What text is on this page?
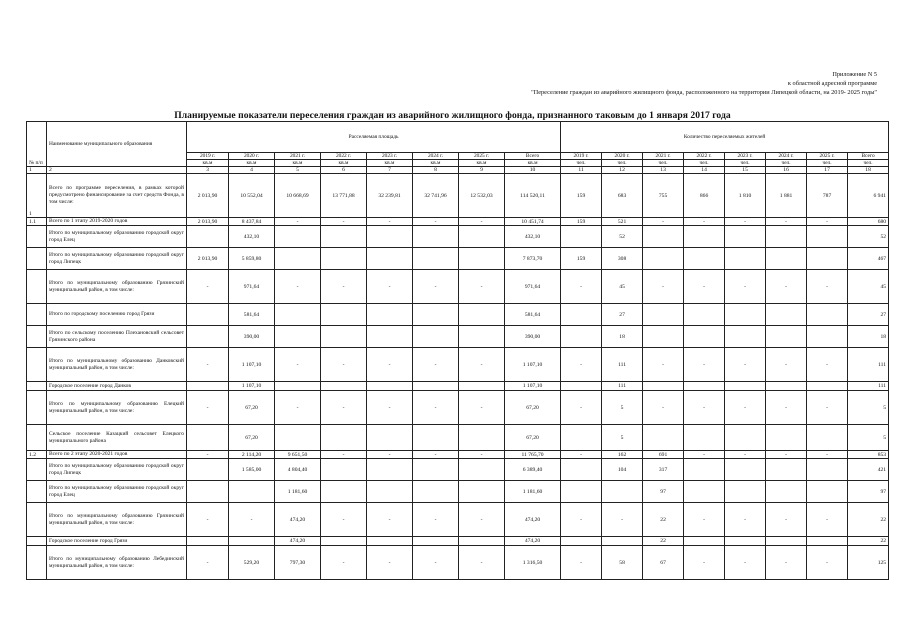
Приложение N 5
к областной адресной программе
"Переселение граждан из аварийного жилищного фонда, расположенного на территории Липецкой области, на 2019- 2025 годы"
Планируемые показатели переселения граждан из аварийного жилищного фонда, признанного таковым до 1 января 2017 года
№ п/п	Наименование муниципального образования	Расселяемая площадь								Количество переселяемых жителей							
		2019 г.	2020 г.	2021 г.	2022 г.	2023 г.	2024 г.	2025 г.	Всего	2019 г.	2020 г.	2021 г.	2022 г.	2023 г.	2024 г.	2025 г.	Всего
		кв.м	кв.м	кв.м	кв.м	кв.м	кв.м	кв.м	кв.м	чел.	чел.	чел.	чел.	чел.	чел.	чел.	чел.
1	2	3	4	5	6	7	8	9	10	11	12	13	14	15	16	17	18
1	Всего по программе переселения, в рамках которой предусмотрено финансирование за счет средств Фонда, в том числе:	2 013,90	10 552,04	10 668,69	13 771,88	32 239,81	32 741,96	12 532,03	114 520,11	159	683	755	866	1 810	1 881	787	6 941
1.1	Всего по 1 этапу 2019-2020 годов	2 013,90	8 437,84	-	-	-	-	-	10 451,74	159	521	-	-	-	-	-	680
	Итого по муниципальному образованию городской округ город Елец		432,10						432,10		52						52
	Итого по муниципальному образованию городской округ город Липецк	2 013,90	5 859,80						7 873,70	159	308						467
	Итого по муниципальному образованию Грязинский муниципальный район, в том числе:	-	971,64	-	-	-	-	-	971,64	-	45	-	-	-	-	-	45
	Итого по городскому поселению город Грязи		581,64						581,64		27						27
	Итого по сельскому поселению Плехановский сельсовет Грязинского района		390,00						390,00		18						18
	Итого по муниципальному образованию Данковский муниципальный район, в том числе:	-	1 107,10	-	-	-	-	-	1 107,10	-	111	-	-	-	-	-	111
	Городское поселение город Данков		1 107,10						1 107,10		111						111
	Итого по муниципальному образованию Елецкий муниципальный район, в том числе:	-	67,20	-	-	-	-	-	67,20	-	5	-	-	-	-	-	5
	Сельское поселение Казацкий сельсовет Елецкого муниципального района		67,20						67,20		5						5
1.2	Всего по 2 этапу 2020-2021 годов	-	2 114,20	9 651,50	-	-	-	-	11 765,70	-	162	691	-	-	-	-	853
	Итого по муниципальному образованию городской округ город Липецк		1 585,00	4 804,40					6 389,40		104	317					421
	Итого по муниципальному образованию городской округ город Елец			1 181,60					1 181,60			97					97
	Итого по муниципальному образованию Грязинский муниципальный район, в том числе:	-	-	474,20	-	-	-	-	474,20	-	-	22	-	-	-	-	22
	Городское поселение город Грязи			474,20					474,20			22					22
	Итого по муниципальному образованию Лебединский муниципальный район, в том числе:	-	529,20	797,30	-	-	-	-	1 316,50	-	58	67	-	-	-	-	125
